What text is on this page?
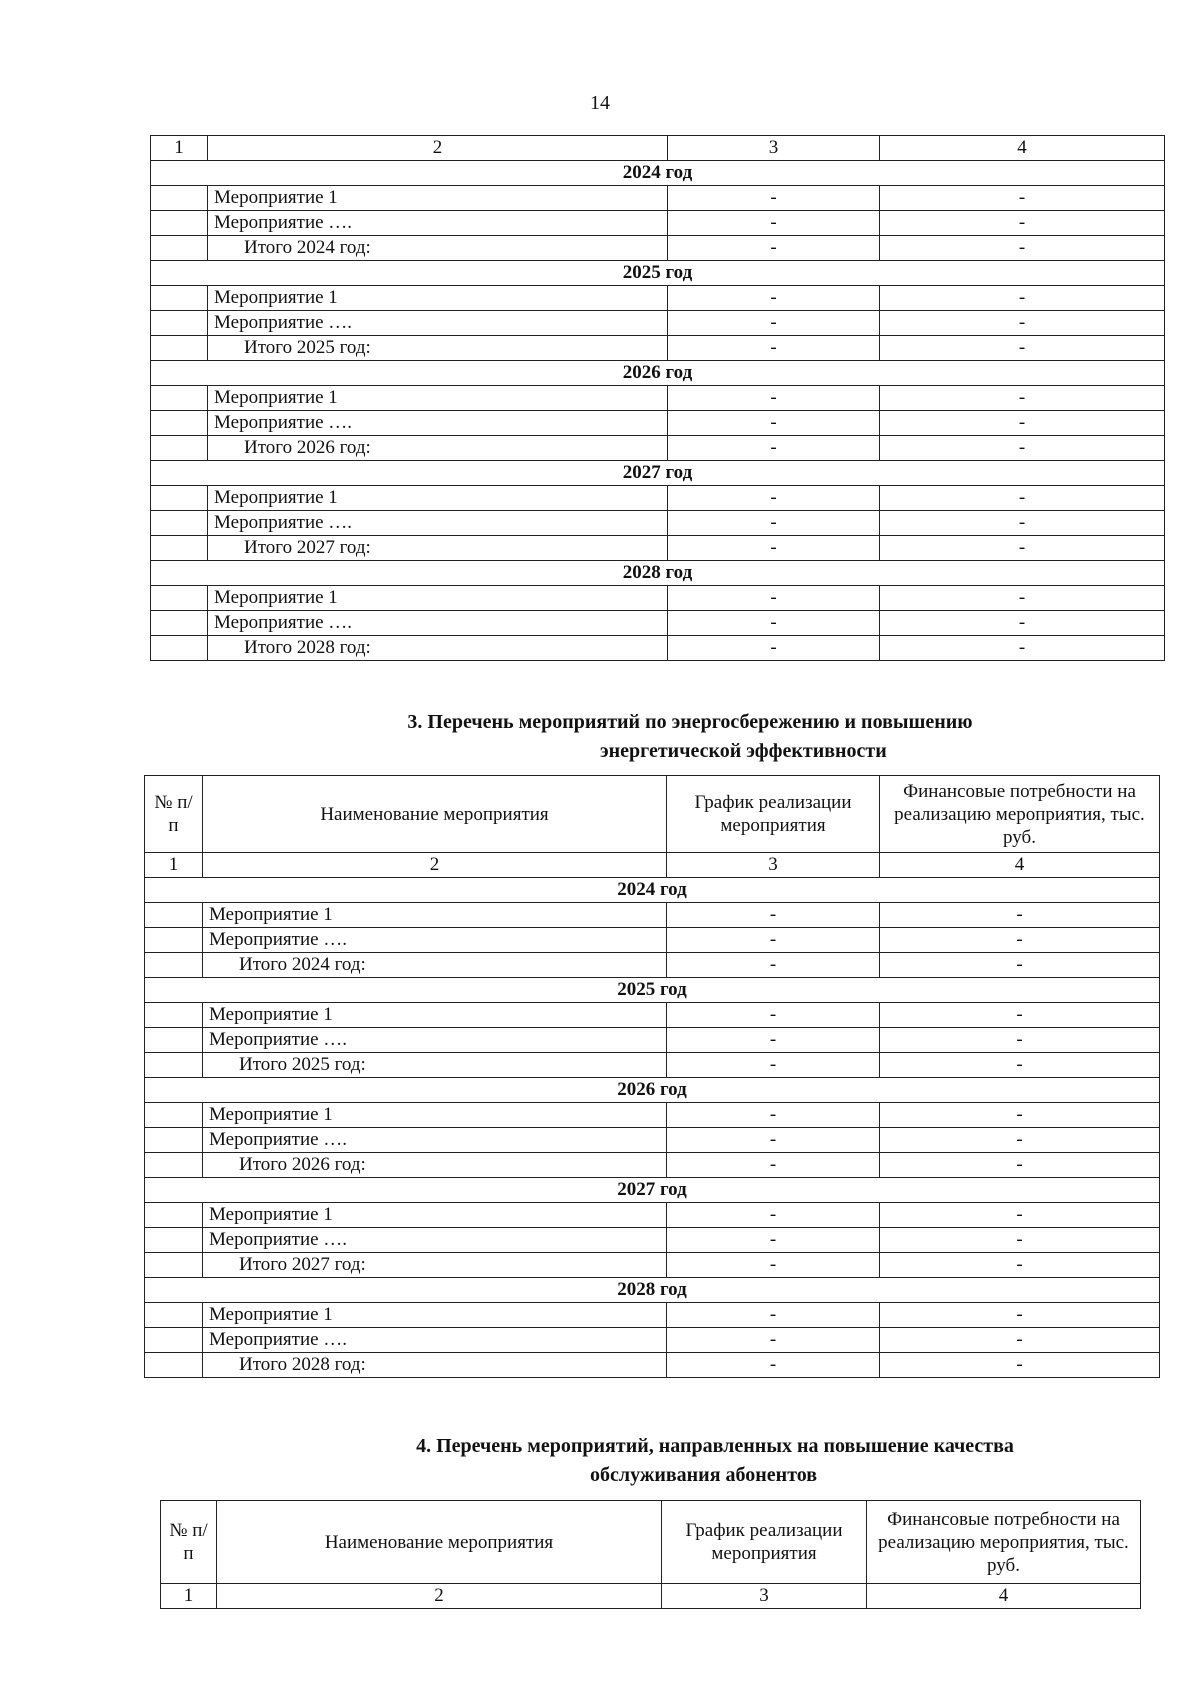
14
1	2	3	4
2024 год			
	Мероприятие 1	-	-
	Мероприятие ….	-	-
	Итого 2024 год:	-	-
2025 год			
	Мероприятие 1	-	-
	Мероприятие ….	-	-
	Итого 2025 год:	-	-
2026 год			
	Мероприятие 1	-	-
	Мероприятие ….	-	-
	Итого 2026 год:	-	-
2027 год			
	Мероприятие 1	-	-
	Мероприятие ….	-	-
	Итого 2027 год:	-	-
2028 год			
	Мероприятие 1	-	-
	Мероприятие ….	-	-
	Итого 2028 год:	-	-
3. Перечень мероприятий по энергосбережению и повышению
энергетической эффективности
№ п/п	Наименование мероприятия	График реализации мероприятия	Финансовые потребности на реализацию мероприятия, тыс. руб.
1	2	3	4
2024 год			
	Мероприятие 1	-	-
	Мероприятие ….	-	-
	Итого 2024 год:	-	-
2025 год			
	Мероприятие 1	-	-
	Мероприятие ….	-	-
	Итого 2025 год:	-	-
2026 год			
	Мероприятие 1	-	-
	Мероприятие ….	-	-
	Итого 2026 год:	-	-
2027 год			
	Мероприятие 1	-	-
	Мероприятие ….	-	-
	Итого 2027 год:	-	-
2028 год			
	Мероприятие 1	-	-
	Мероприятие ….	-	-
	Итого 2028 год:	-	-
4. Перечень мероприятий, направленных на повышение качества
обслуживания абонентов
№ п/п	Наименование мероприятия	График реализации мероприятия	Финансовые потребности на реализацию мероприятия, тыс. руб.
1	2	3	4
